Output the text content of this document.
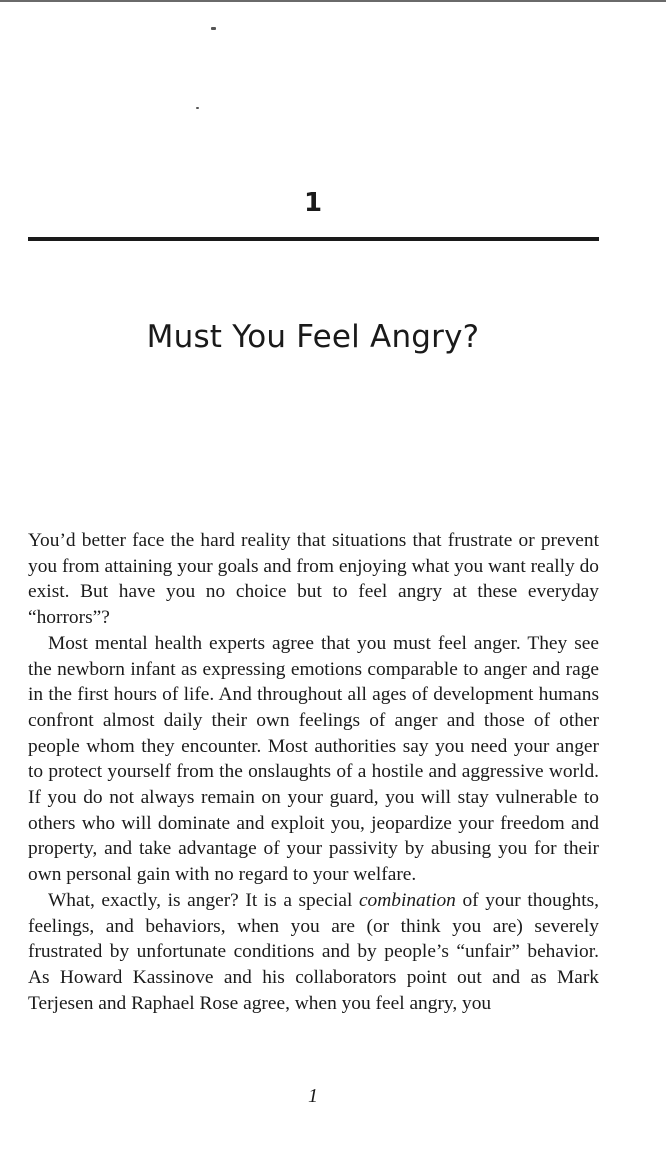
1
Must You Feel Angry?

You’d better face the hard reality that situations that frustrate or prevent you from attaining your goals and from enjoying what you want really do exist. But have you no choice but to feel angry at these everyday “horrors”?

Most mental health experts agree that you must feel anger. They see the newborn infant as expressing emotions comparable to anger and rage in the first hours of life. And throughout all ages of development humans confront almost daily their own feelings of anger and those of other people whom they encounter. Most authorities say you need your anger to protect yourself from the onslaughts of a hostile and aggressive world. If you do not always remain on your guard, you will stay vulnerable to others who will dominate and exploit you, jeopardize your freedom and property, and take advantage of your passivity by abusing you for their own personal gain with no regard to your welfare.

What, exactly, is anger? It is a special combination of your thoughts, feelings, and behaviors, when you are (or think you are) severely frustrated by unfortunate conditions and by people’s “unfair” behavior. As Howard Kassinove and his collaborators point out and as Mark Terjesen and Raphael Rose agree, when you feel angry, you

1
